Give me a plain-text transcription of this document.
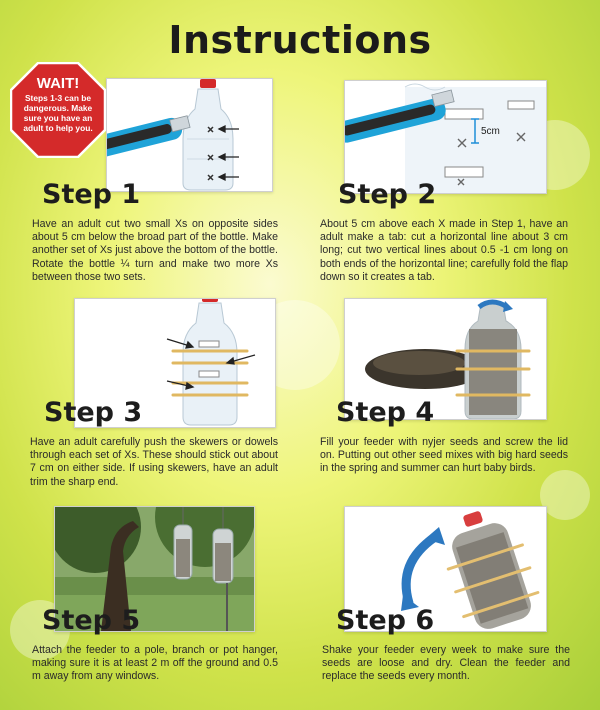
Instructions
WAIT!
Steps 1-3 can be dangerous. Make sure you have an adult to help you.
Step 1
Have an adult cut two small Xs on opposite sides about 5 cm below the broad part of the bottle. Make another set of Xs just above the bottom of the bottle. Rotate the bottle ¼ turn and make two more Xs between those two sets.
5cm
Step 2
About 5 cm above each X made in Step 1, have an adult make a tab: cut a horizontal line about 3 cm long; cut two vertical lines about 0.5 -1 cm long on both ends of the horizontal line; carefully fold the flap down so it creates a tab.
Step 3
Have an adult carefully push the skewers or dowels through each set of Xs. These should stick out about 7 cm on either side. If using skewers, have an adult trim the sharp end.
Step 4
Fill your feeder with nyjer seeds and screw the lid on. Putting out other seed mixes with big hard seeds in the spring and summer can hurt baby birds.
Step 5
Attach the feeder to a pole, branch or pot hanger, making sure it is at least 2 m off the ground and 0.5 m away from any windows.
Step 6
Shake your feeder every week to make sure the seeds are loose and dry. Clean the feeder and replace the seeds every month.
